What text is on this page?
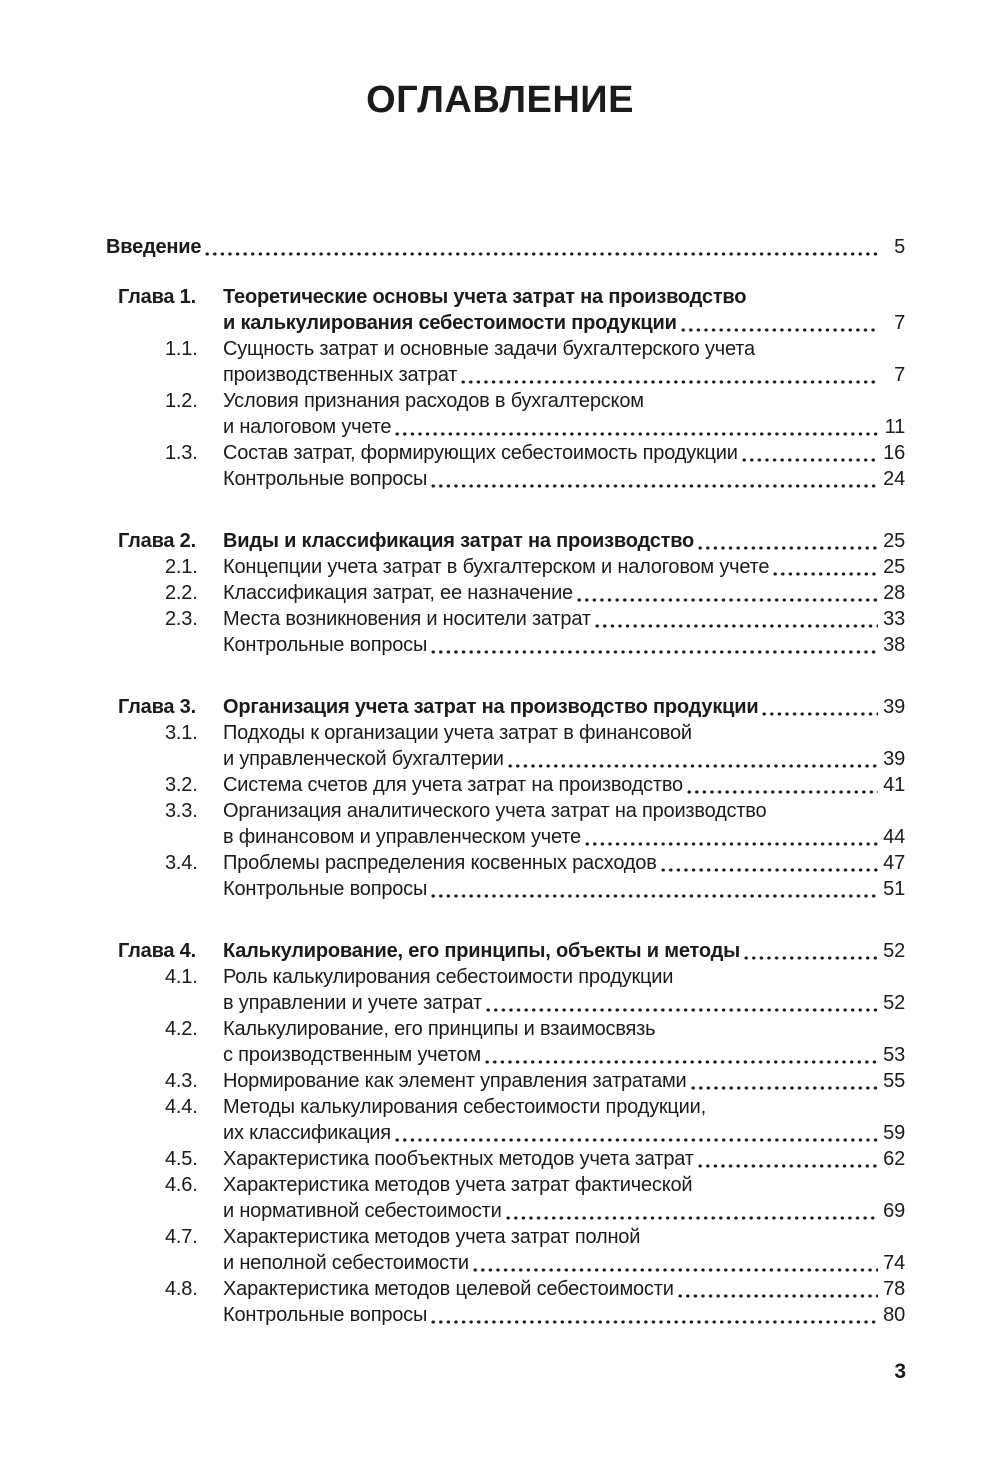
ОГЛАВЛЕНИЕ
Введение	5
Глава 1.	Теоретические основы учета затрат на производство
и калькулирования себестоимости продукции	7
1.1.	Сущность затрат и основные задачи бухгалтерского учета
производственных затрат	7
1.2.	Условия признания расходов в бухгалтерском
и налоговом учете	11
1.3.	Состав затрат, формирующих себестоимость продукции	16
Контрольные вопросы	24
Глава 2.	Виды и классификация затрат на производство	25
2.1.	Концепции учета затрат в бухгалтерском и налоговом учете	25
2.2.	Классификация затрат, ее назначение	28
2.3.	Места возникновения и носители затрат	33
Контрольные вопросы	38
Глава 3.	Организация учета затрат на производство продукции	39
3.1.	Подходы к организации учета затрат в финансовой
и управленческой бухгалтерии	39
3.2.	Система счетов для учета затрат на производство	41
3.3.	Организация аналитического учета затрат на производство
в финансовом и управленческом учете	44
3.4.	Проблемы распределения косвенных расходов	47
Контрольные вопросы	51
Глава 4.	Калькулирование, его принципы, объекты и методы	52
4.1.	Роль калькулирования себестоимости продукции
в управлении и учете затрат	52
4.2.	Калькулирование, его принципы и взаимосвязь
с производственным учетом	53
4.3.	Нормирование как элемент управления затратами	55
4.4.	Методы калькулирования себестоимости продукции,
их классификация	59
4.5.	Характеристика пообъектных методов учета затрат	62
4.6.	Характеристика методов учета затрат фактической
и нормативной себестоимости	69
4.7.	Характеристика методов учета затрат полной
и неполной себестоимости	74
4.8.	Характеристика методов целевой себестоимости	78
Контрольные вопросы	80
3
